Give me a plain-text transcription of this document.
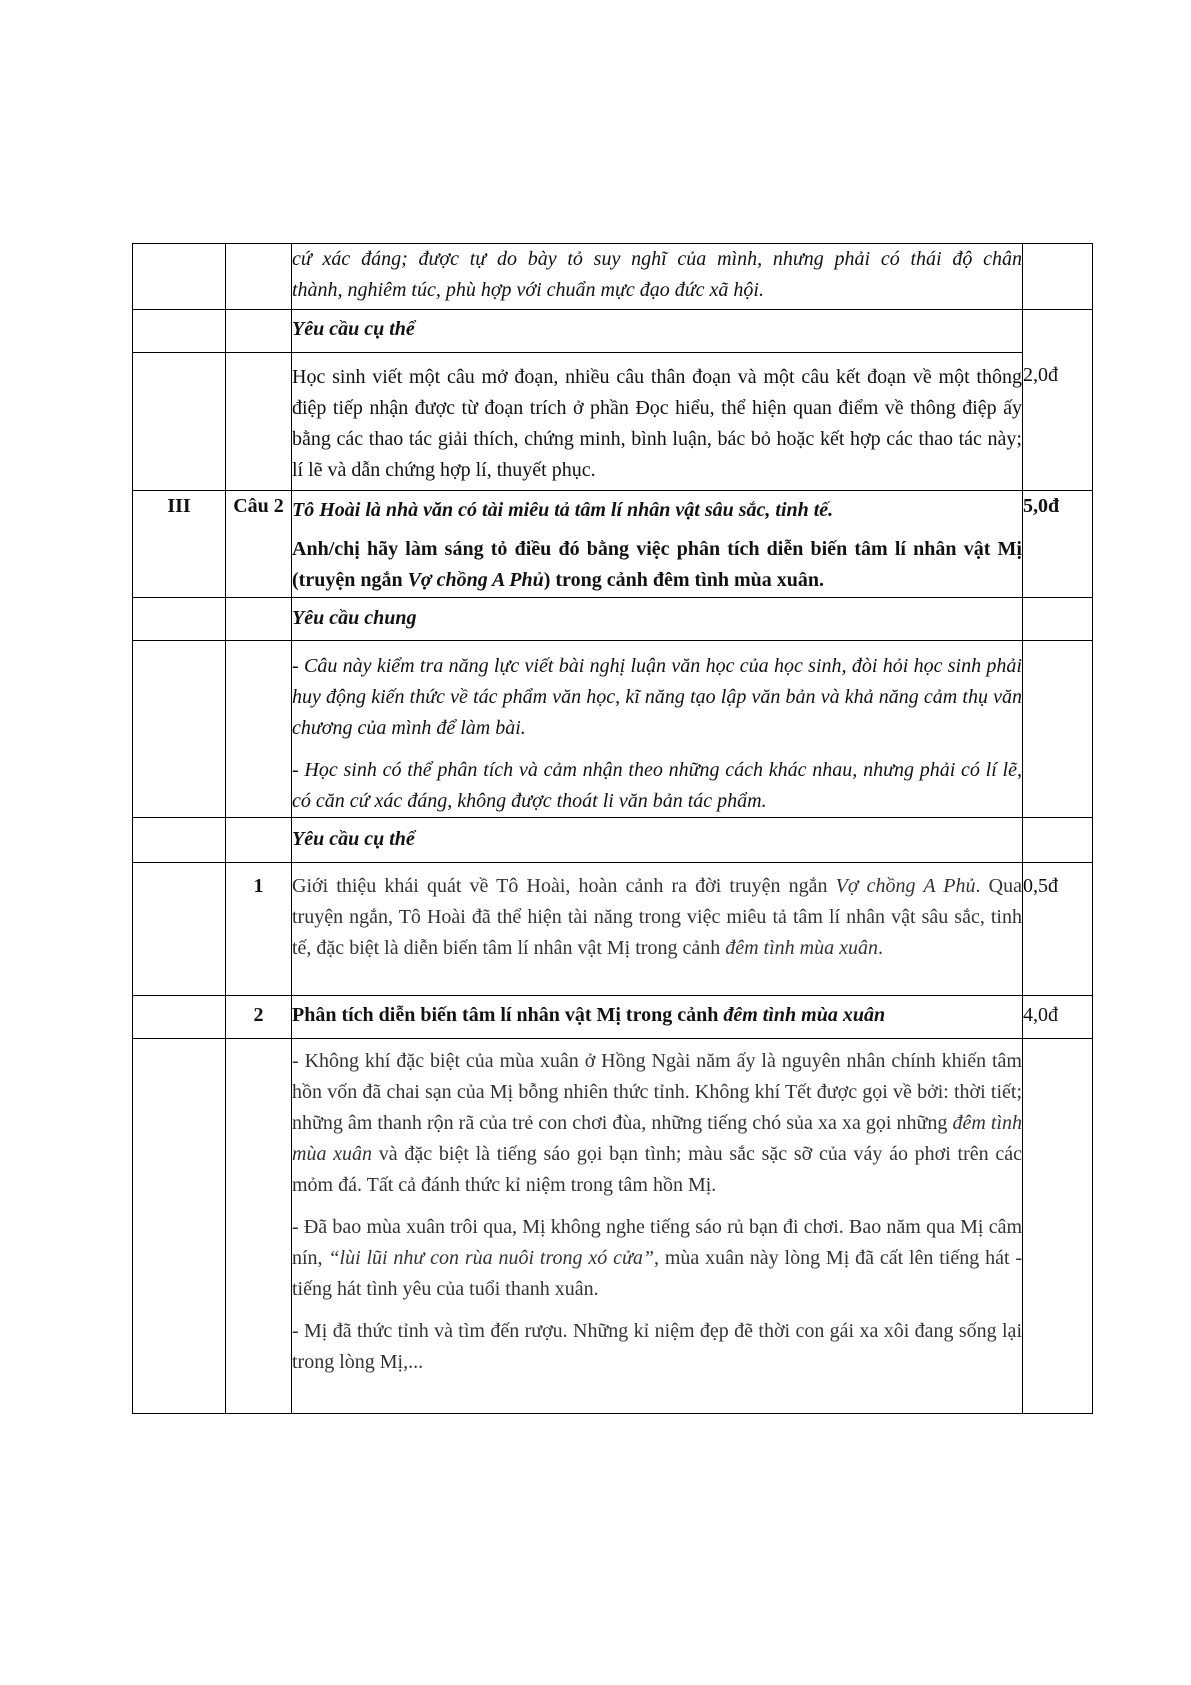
		cứ xác đáng; được tự do bày tỏ suy nghĩ của mình, nhưng phải có thái độ chân

thành, nghiêm túc, phù hợp với chuẩn mực đạo đức xã hội.	

		Yêu cầu cụ thể	2,0đ

		Học sinh viết một câu mở đoạn, nhiều câu thân đoạn và một câu kết đoạn về một thông điệp tiếp nhận được từ đoạn trích ở phần Đọc hiểu, thể hiện quan điểm về thông điệp ấy bằng các thao tác giải thích, chứng minh, bình luận, bác bỏ hoặc kết hợp các thao tác này; lí lẽ và dẫn chứng hợp lí, thuyết phục.	

III	Câu 2	Tô Hoài là nhà văn có tài miêu tả tâm lí nhân vật sâu sắc, tinh tế.

Anh/chị hãy làm sáng tỏ điều đó bằng việc phân tích diễn biến tâm lí nhân vật Mị (truyện ngắn Vợ chồng A Phủ) trong cảnh đêm tình mùa xuân.	5,0đ
		Yêu cầu chung	

		- Câu này kiểm tra năng lực viết bài nghị luận văn học của học sinh, đòi hỏi học sinh phải huy động kiến thức về tác phẩm văn học, kĩ năng tạo lập văn bản và khả năng cảm thụ văn chương của mình để làm bài.

- Học sinh có thể phân tích và cảm nhận theo những cách khác nhau, nhưng phải có lí lẽ, có căn cứ xác đáng, không được thoát li văn bản tác phẩm.	

		Yêu cầu cụ thể	
	1	Giới thiệu khái quát về Tô Hoài, hoàn cảnh ra đời truyện ngắn Vợ chồng A Phủ. Qua truyện ngắn, Tô Hoài đã thể hiện tài năng trong việc miêu tả tâm lí nhân vật sâu sắc, tinh tế, đặc biệt là diễn biến tâm lí nhân vật Mị trong cảnh đêm tình mùa xuân.	0,5đ
	2	Phân tích diễn biến tâm lí nhân vật Mị trong cảnh đêm tình mùa xuân	4,0đ

		- Không khí đặc biệt của mùa xuân ở Hồng Ngài năm ấy là nguyên nhân chính khiến tâm hồn vốn đã chai sạn của Mị bỗng nhiên thức tỉnh. Không khí Tết được gọi về bởi: thời tiết; những âm thanh rộn rã của trẻ con chơi đùa, những tiếng chó sủa xa xa gọi những đêm tình mùa xuân và đặc biệt là tiếng sáo gọi bạn tình; màu sắc sặc sỡ của váy áo phơi trên các mỏm đá. Tất cả đánh thức kỉ niệm trong tâm hồn Mị.

- Đã bao mùa xuân trôi qua, Mị không nghe tiếng sáo rủ bạn đi chơi. Bao năm qua Mị câm nín, “lùi lũi như con rùa nuôi trong xó cửa”, mùa xuân này lòng Mị đã cất lên tiếng hát - tiếng hát tình yêu của tuổi thanh xuân.

- Mị đã thức tỉnh và tìm đến rượu. Những kỉ niệm đẹp đẽ thời con gái xa xôi đang sống lại trong lòng Mị,...	
